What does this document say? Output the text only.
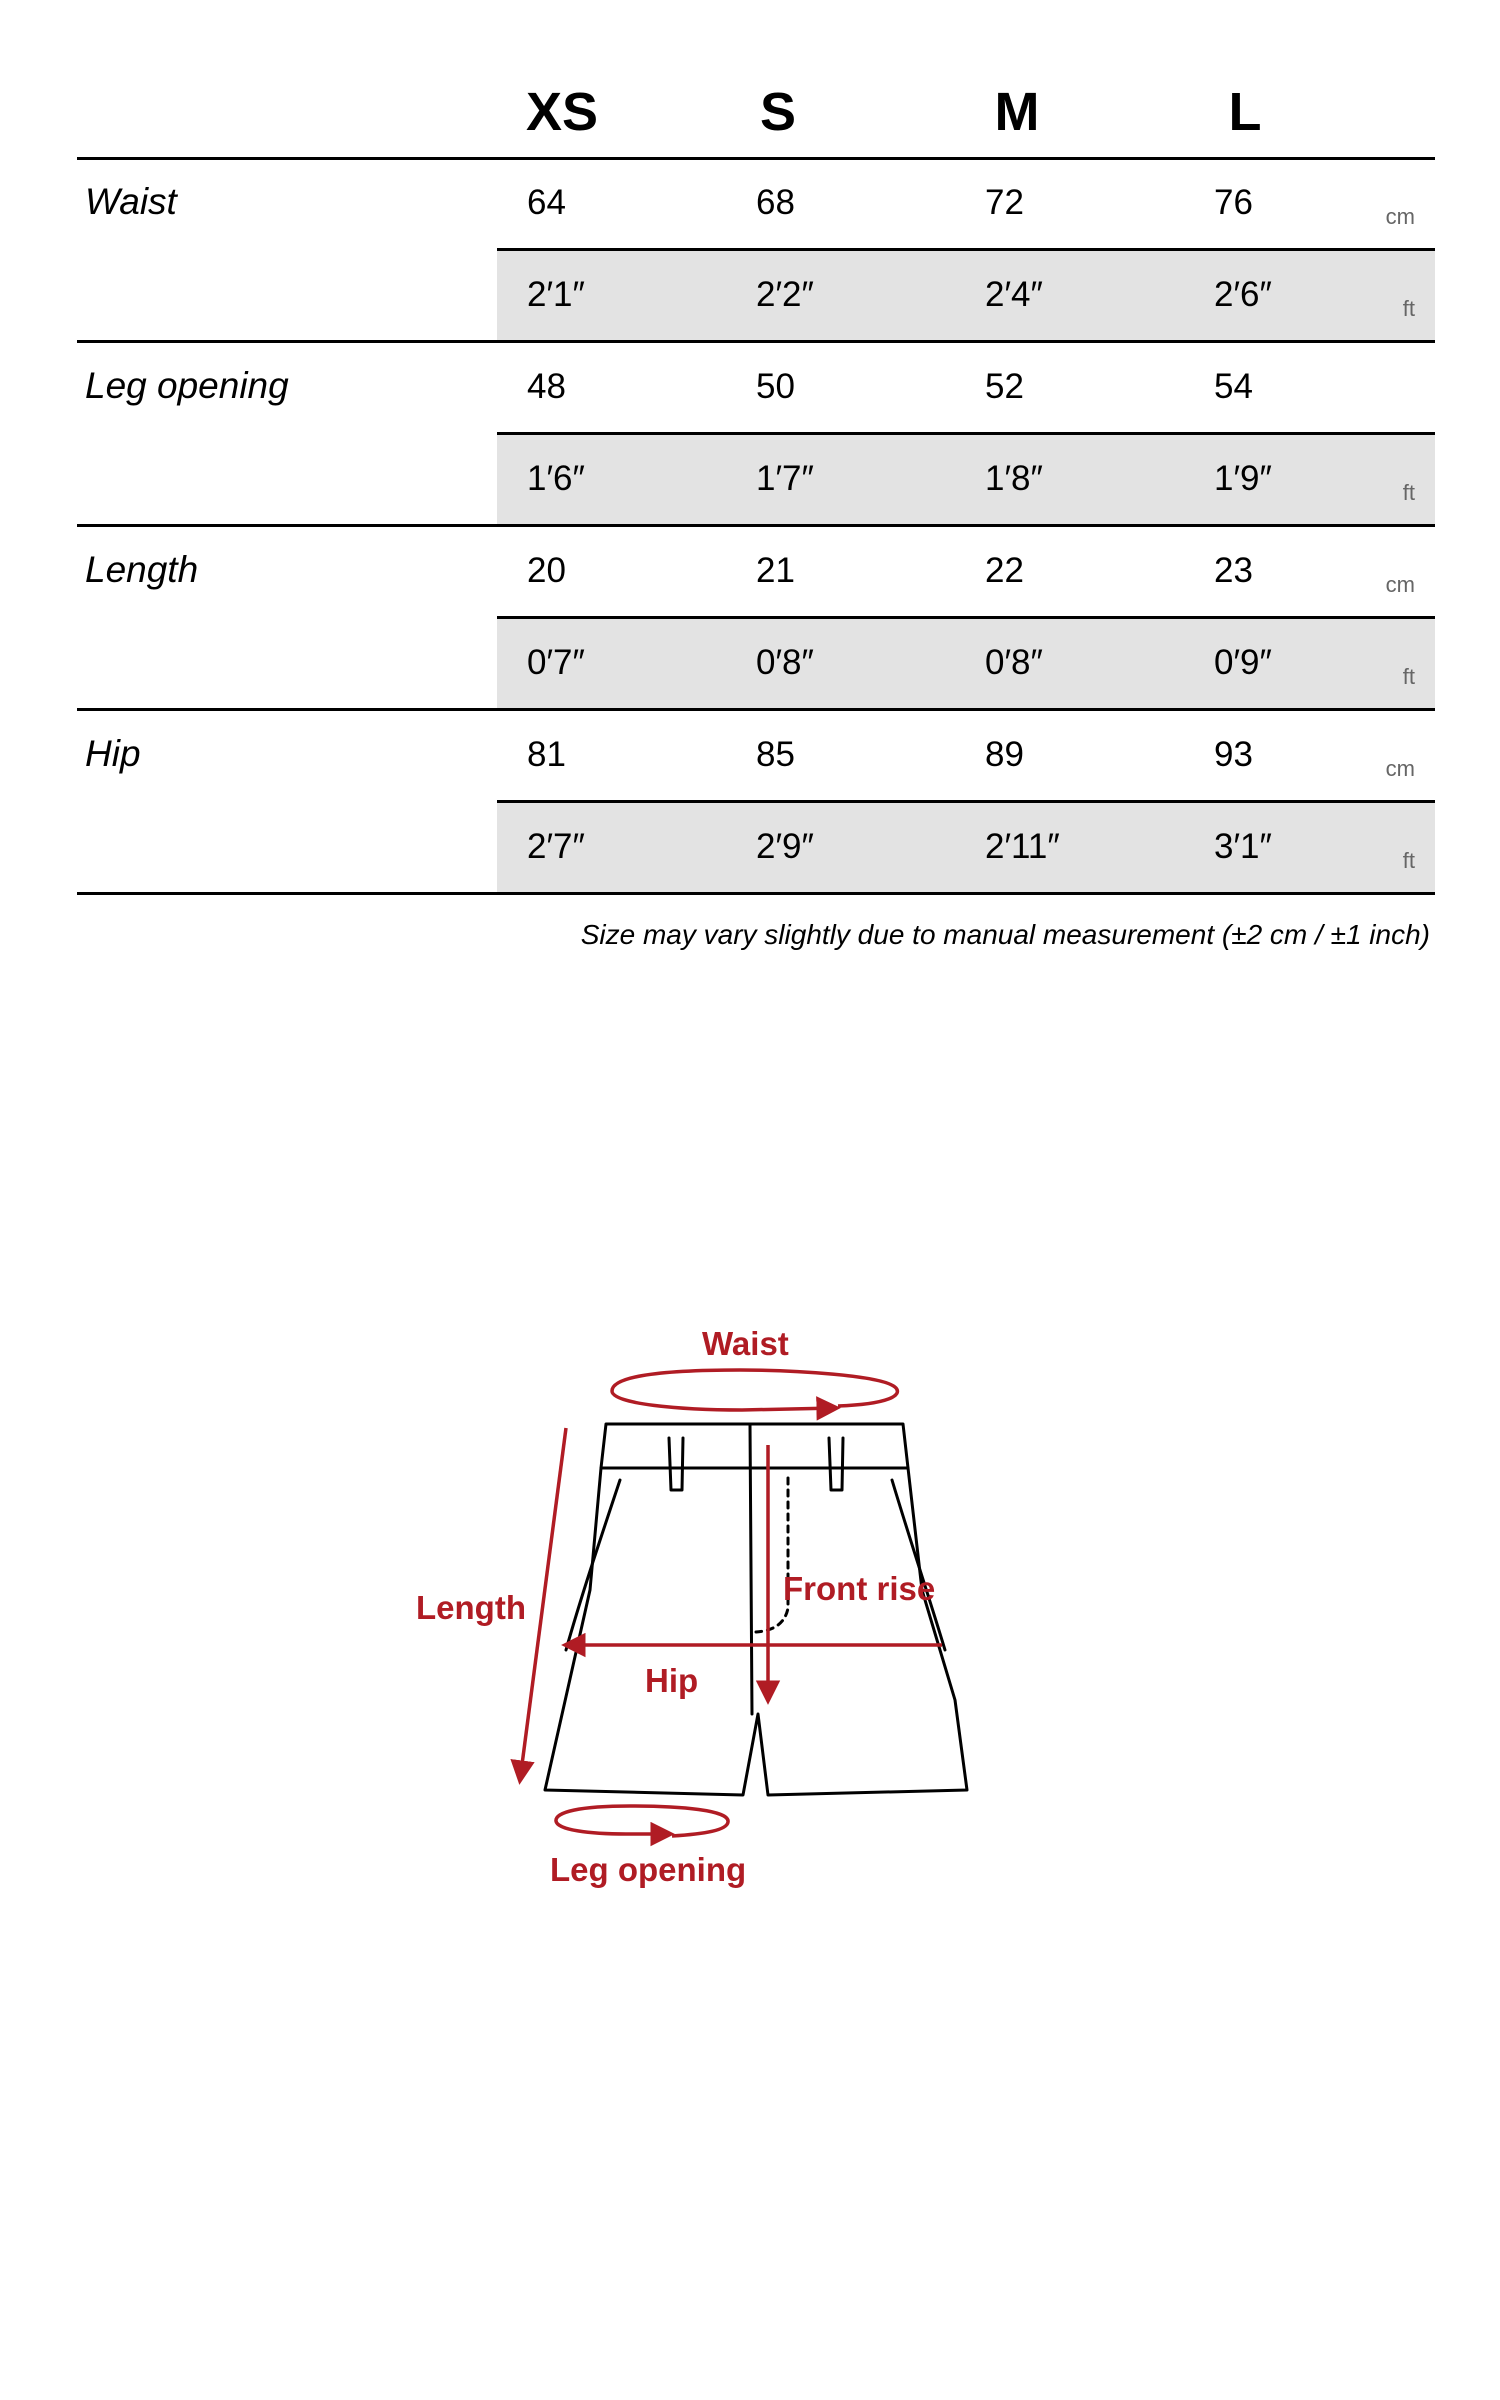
XS	S	M	L
Waist	64	68	72	76	cm
2′1″	2′2″	2′4″	2′6″	ft
Leg opening	48	50	52	54
1′6″	1′7″	1′8″	1′9″	ft
Length	20	21	22	23	cm
0′7″	0′8″	0′8″	0′9″	ft
Hip	81	85	89	93	cm
2′7″	2′9″	2′11″	3′1″	ft
Size may vary slightly due to manual measurement (±2 cm / ±1 inch)
Waist
Length
Front rise
Hip
Leg opening
